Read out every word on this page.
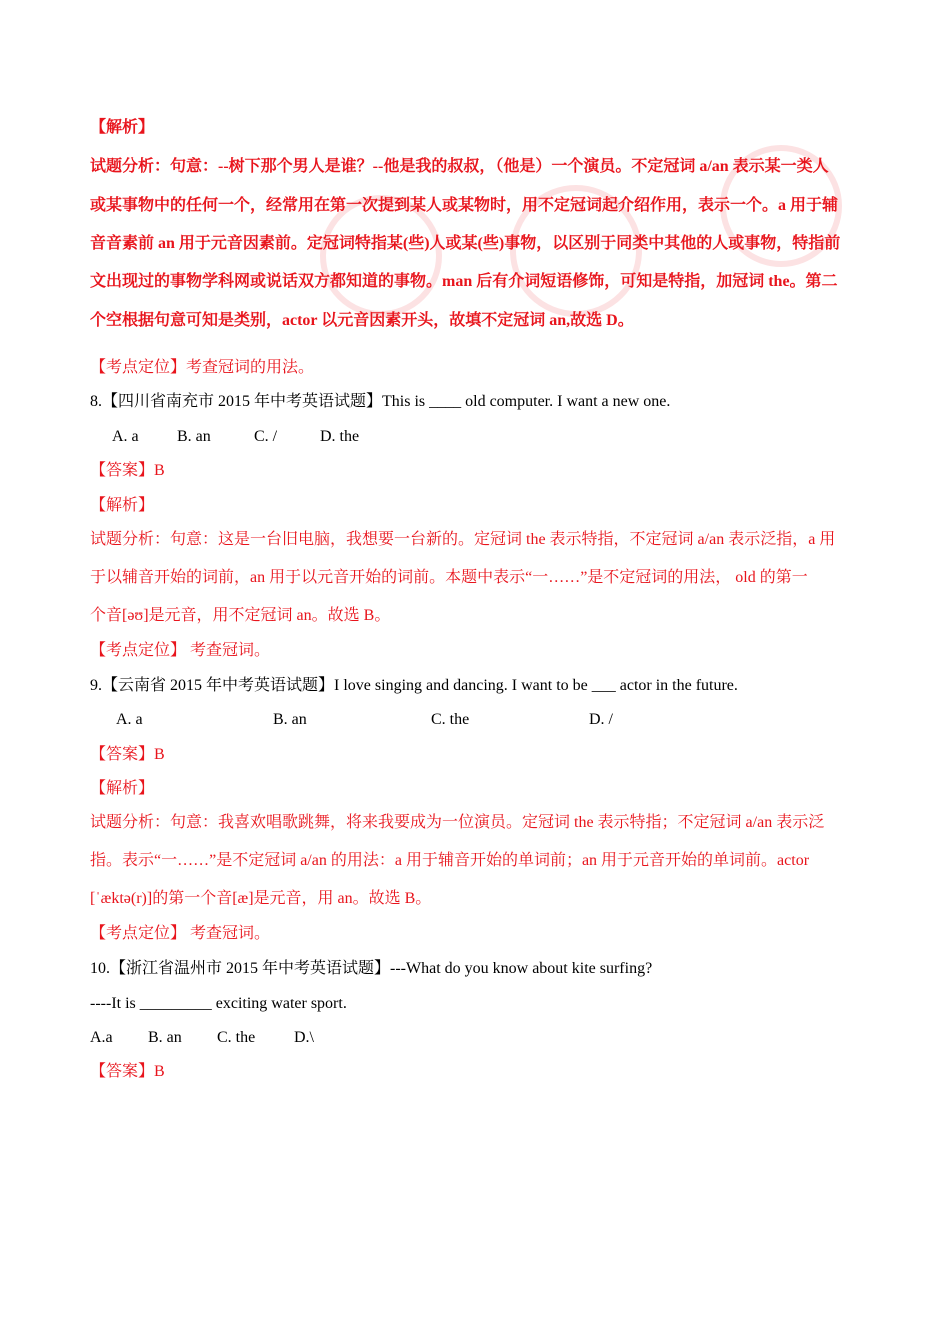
【解析】
试题分析：句意：--树下那个男人是谁？--他是我的叔叔，（他是）一个演员。不定冠词 a/an 表示某一类人
或某事物中的任何一个，经常用在第一次提到某人或某物时，用不定冠词起介绍作用，表示一个。a 用于辅
音音素前 an 用于元音因素前。定冠词特指某(些)人或某(些)事物，以区别于同类中其他的人或事物，特指前
文出现过的事物学科网或说话双方都知道的事物。man 后有介词短语修饰，可知是特指，加冠词 the。第二
个空根据句意可知是类别，actor 以元音因素开头，故填不定冠词 an,故选 D。
【考点定位】考查冠词的用法。
8.【四川省南充市 2015 年中考英语试题】This is ____ old computer. I want a new one.
A. a B. an	C. /	D. the
【答案】B
【解析】
试题分析：句意：这是一台旧电脑，我想要一台新的。定冠词 the 表示特指，不定冠词 a/an 表示泛指，a 用
于以辅音开始的词前，an 用于以元音开始的词前。本题中表示“一……”是不定冠词的用法， old 的第一
个音[əʊ]是元音，用不定冠词 an。故选 B。
【考点定位】 考查冠词。
9.【云南省 2015 年中考英语试题】I love singing and dancing. I want to be ___ actor in the future.
A. a	B. an	C. the	D. /
【答案】B
【解析】
试题分析：句意：我喜欢唱歌跳舞，将来我要成为一位演员。定冠词 the 表示特指；不定冠词 a/an 表示泛
指。表示“一……”是不定冠词 a/an 的用法：a 用于辅音开始的单词前；an 用于元音开始的单词前。actor
[ˈæktə(r)]的第一个音[æ]是元音，用 an。故选 B。
【考点定位】 考查冠词。
10.【浙江省温州市 2015 年中考英语试题】---What do you know about kite surfing?
----It is _________ exciting water sport.
A.a B. an C. the D.\
【答案】B
